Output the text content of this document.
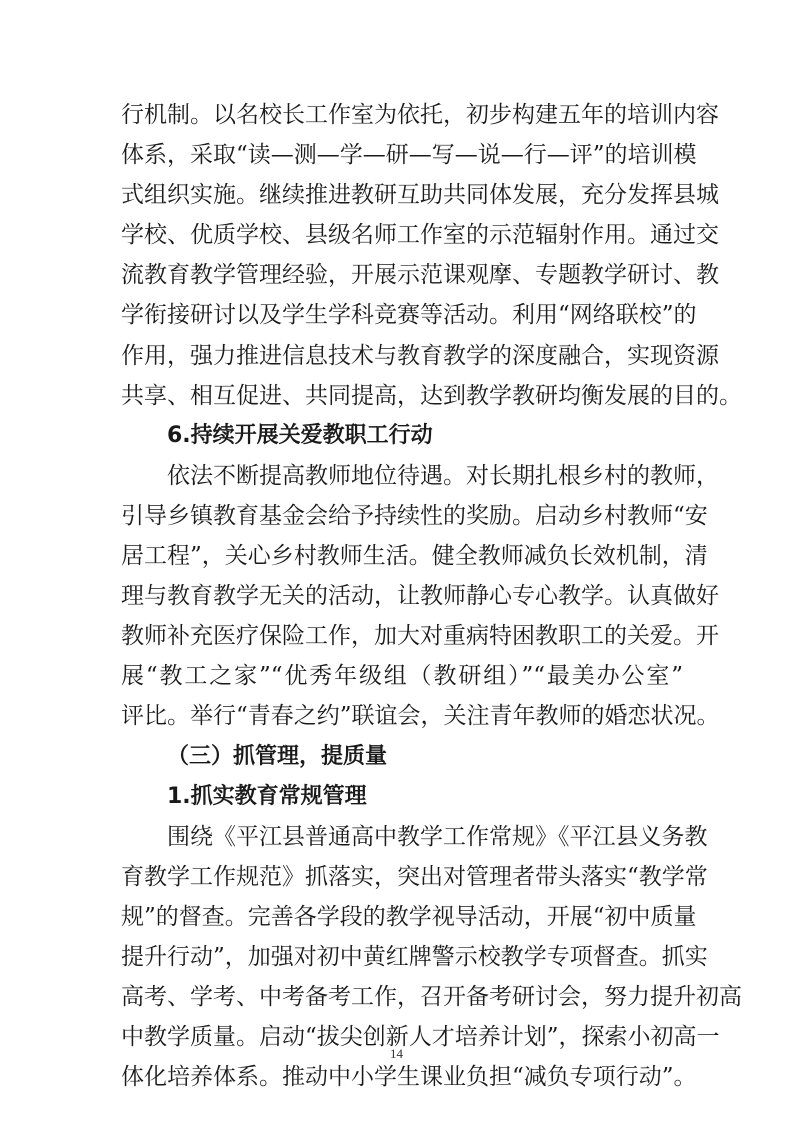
行机制。以名校长工作室为依托，初步构建五年的培训内容
体系，采取“读—测—学—研—写—说—行—评”的培训模
式组织实施。继续推进教研互助共同体发展，充分发挥县城
学校、优质学校、县级名师工作室的示范辐射作用。通过交
流教育教学管理经验，开展示范课观摩、专题教学研讨、教
学衔接研讨以及学生学科竞赛等活动。利用“网络联校”的
作用，强力推进信息技术与教育教学的深度融合，实现资源
共享、相互促进、共同提高，达到教学教研均衡发展的目的。
6.持续开展关爱教职工行动
依法不断提高教师地位待遇。对长期扎根乡村的教师，
引导乡镇教育基金会给予持续性的奖励。启动乡村教师“安
居工程”，关心乡村教师生活。健全教师减负长效机制，清
理与教育教学无关的活动，让教师静心专心教学。认真做好
教师补充医疗保险工作，加大对重病特困教职工的关爱。开
展“教工之家”“优秀年级组（教研组）”“最美办公室”
评比。举行“青春之约”联谊会，关注青年教师的婚恋状况。
（三）抓管理，提质量
1.抓实教育常规管理
围绕《平江县普通高中教学工作常规》《平江县义务教
育教学工作规范》抓落实，突出对管理者带头落实“教学常
规”的督查。完善各学段的教学视导活动，开展“初中质量
提升行动”，加强对初中黄红牌警示校教学专项督查。抓实
高考、学考、中考备考工作，召开备考研讨会，努力提升初高
中教学质量。启动“拔尖创新人才培养计划”，探索小初高一
体化培养体系。推动中小学生课业负担“减负专项行动”。
14
